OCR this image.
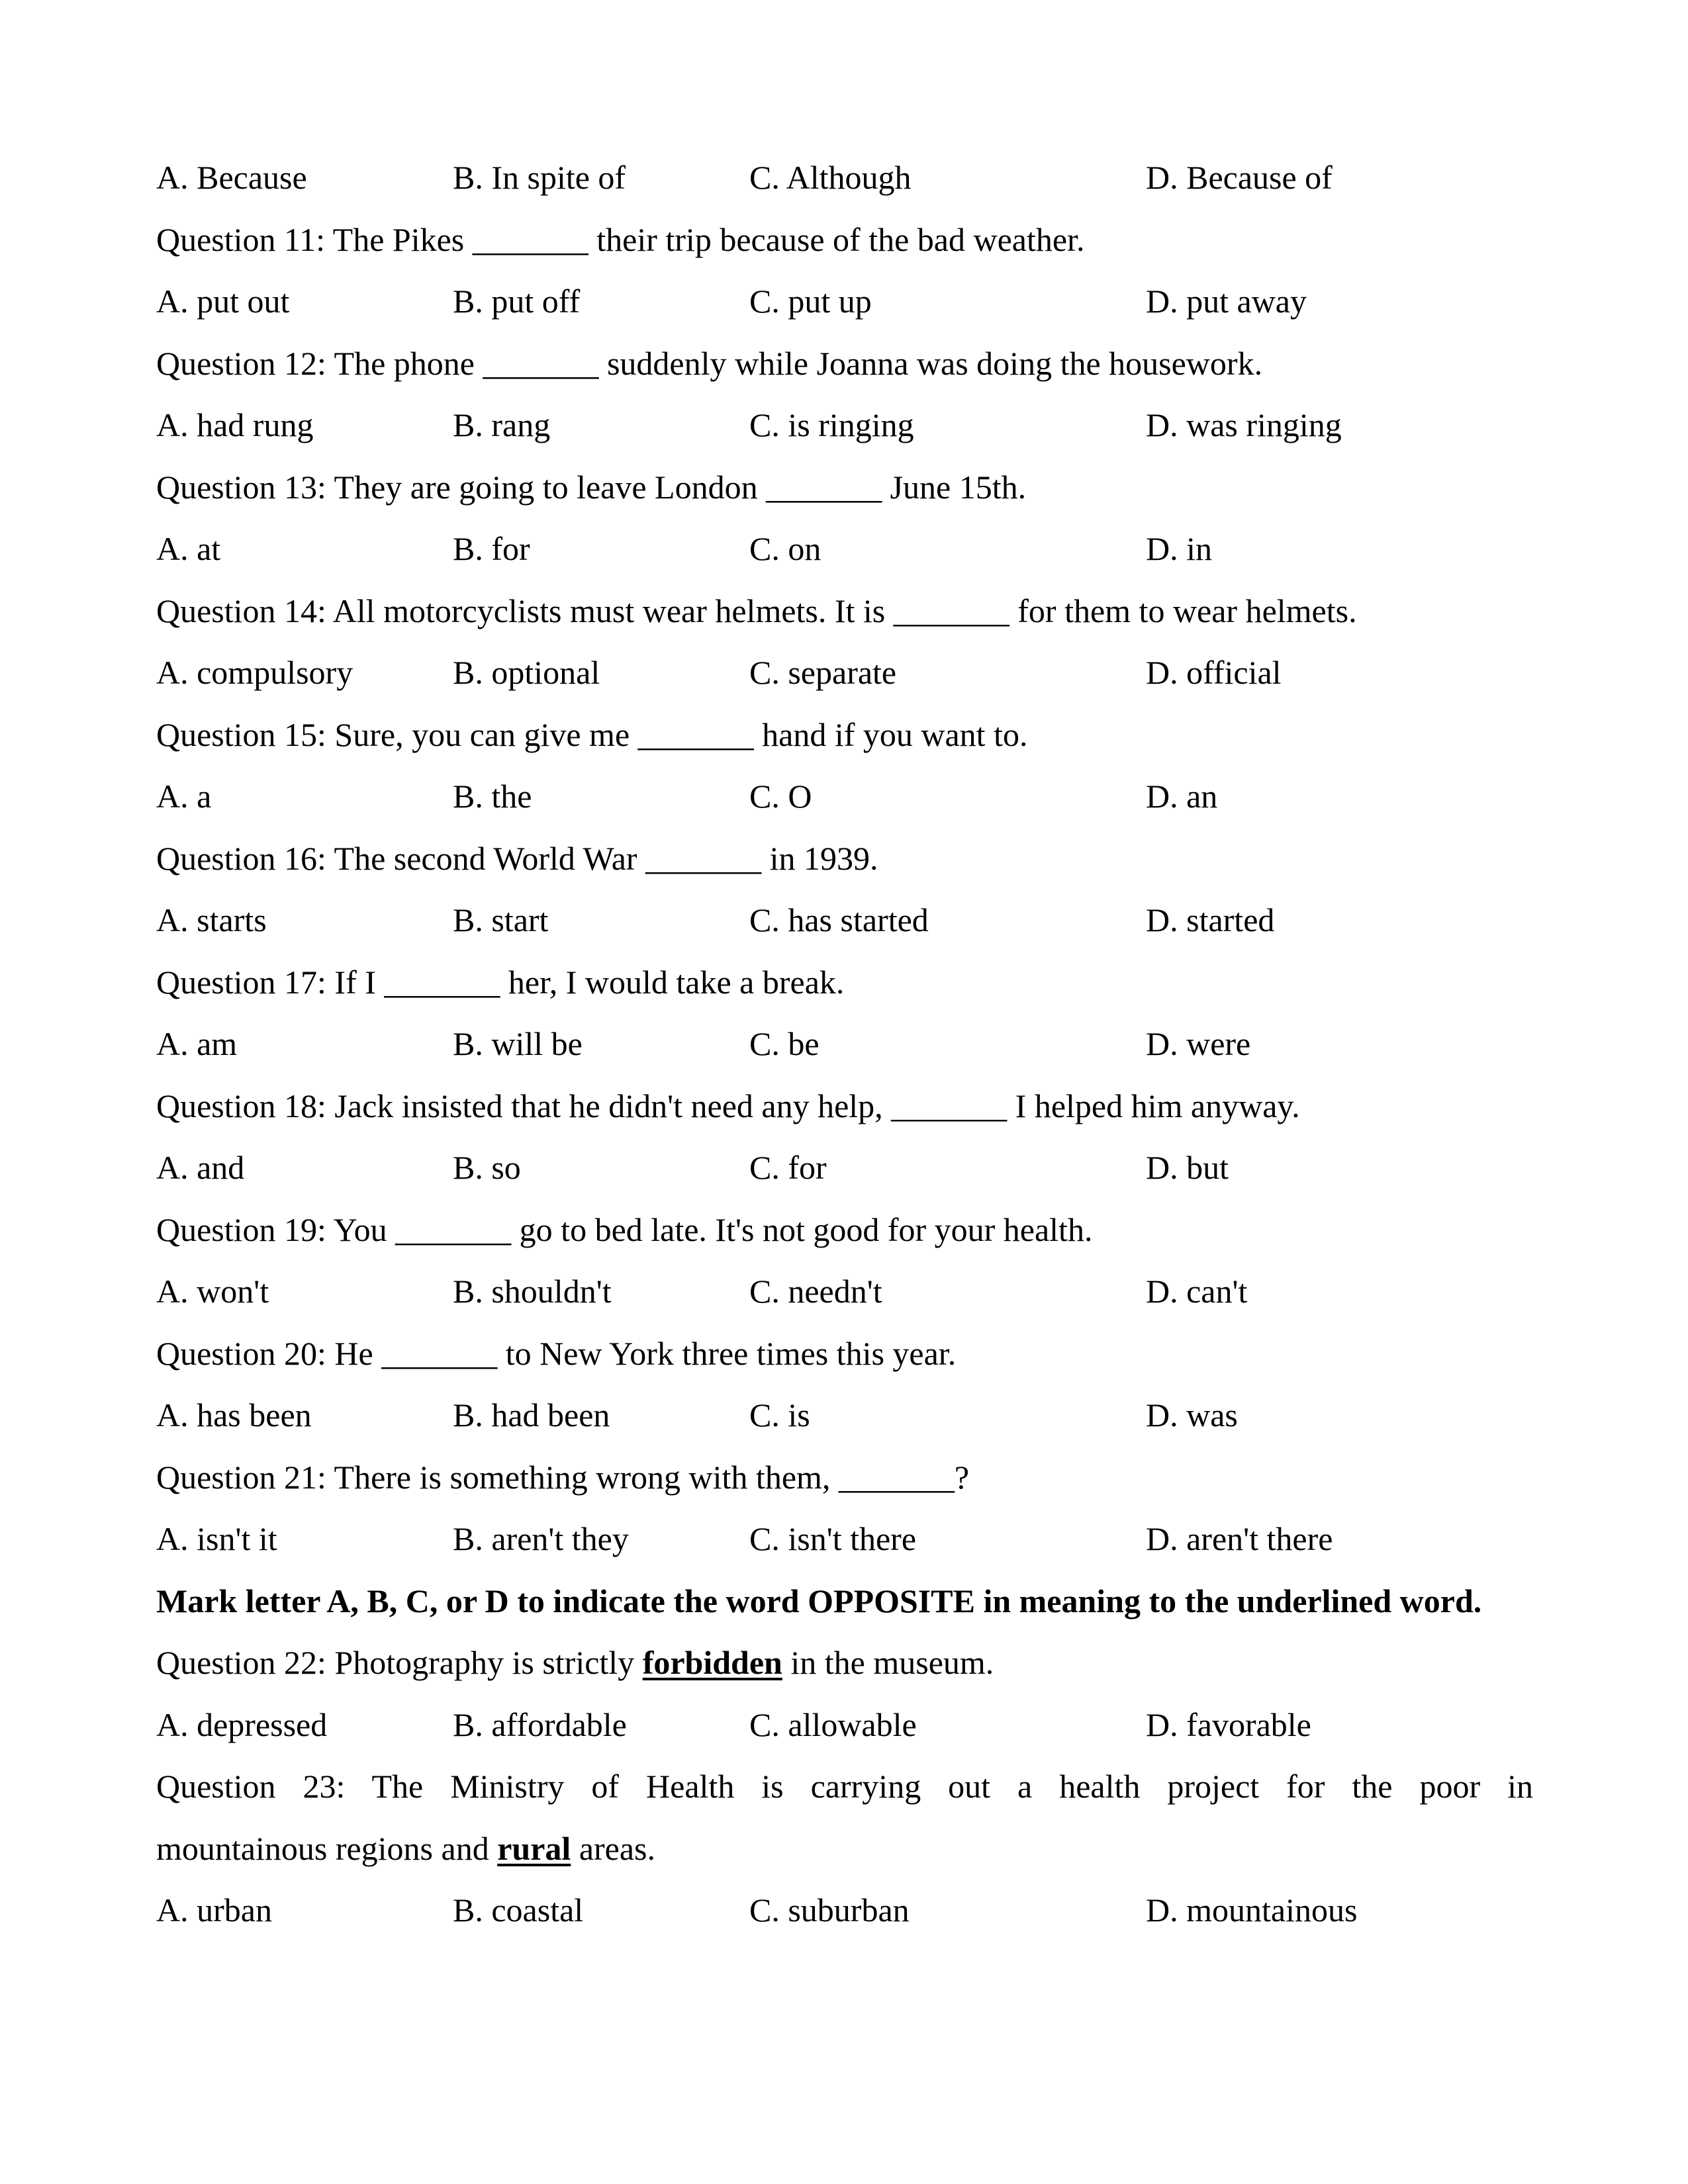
A. Because	B. In spite of	C. Although	D. Because of
Question 11: The Pikes _______ their trip because of the bad weather.
A. put out	B. put off	C. put up	D. put away
Question 12: The phone _______ suddenly while Joanna was doing the housework.
A. had rung	B. rang	C. is ringing	D. was ringing
Question 13: They are going to leave London _______ June 15th.
A. at	B. for	C. on	D. in
Question 14: All motorcyclists must wear helmets. It is _______ for them to wear helmets.
A. compulsory	B. optional	C. separate	D. official
Question 15: Sure, you can give me _______ hand if you want to.
A. a	B. the	C. O	D. an
Question 16: The second World War _______ in 1939.
A. starts	B. start	C. has started	D. started
Question 17: If I _______ her, I would take a break.
A. am	B. will be	C. be	D. were
Question 18: Jack insisted that he didn't need any help, _______ I helped him anyway.
A. and	B. so	C. for	D. but
Question 19: You _______ go to bed late. It's not good for your health.
A. won't	B. shouldn't	C. needn't	D. can't
Question 20: He _______ to New York three times this year.
A. has been	B. had been	C. is	D. was
Question 21: There is something wrong with them, _______?
A. isn't it	B. aren't they	C. isn't there	D. aren't there
Mark letter A, B, C, or D to indicate the word OPPOSITE in meaning to the underlined word.
Question 22: Photography is strictly forbidden in the museum.
A. depressed	B. affordable	C. allowable	D. favorable
Question 23: The Ministry of Health is carrying out a health project for the poor in
mountainous regions and rural areas.
A. urban	B. coastal	C. suburban	D. mountainous
